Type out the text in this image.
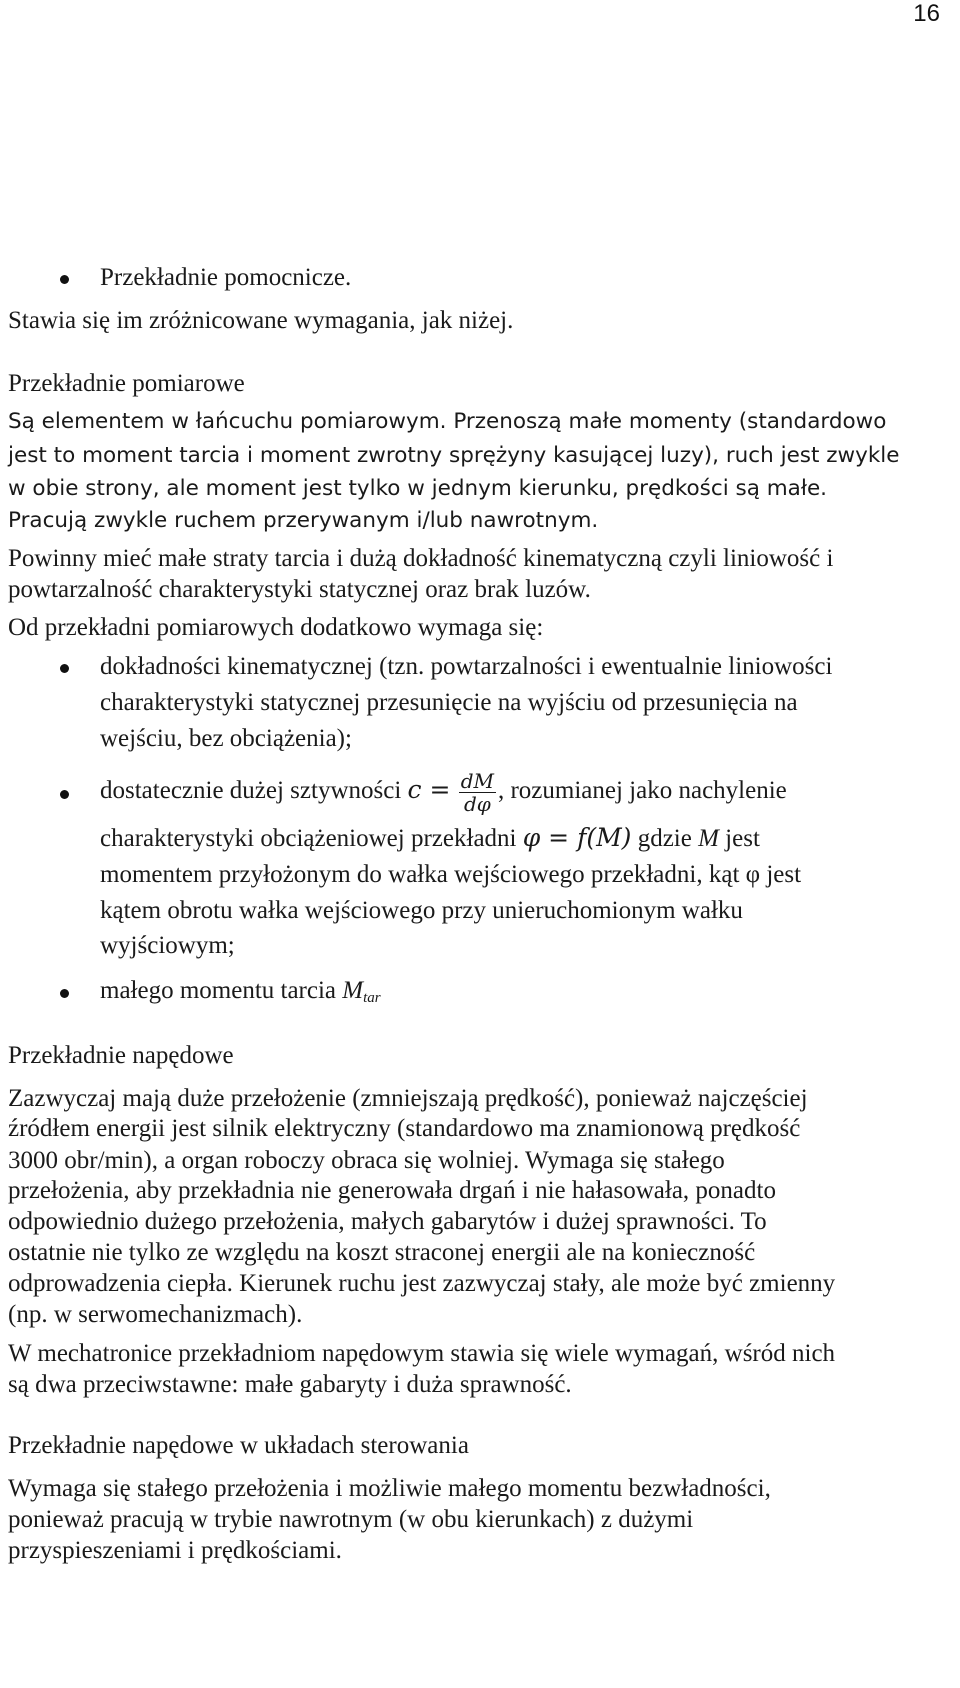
16
Przekładnie pomocnicze.
Stawia się im zróżnicowane wymagania, jak niżej.
Przekładnie pomiarowe
Są elementem w łańcuchu pomiarowym. Przenoszą małe momenty (standardowo
jest to moment tarcia i moment zwrotny sprężyny kasującej luzy), ruch jest zwykle
w obie strony, ale moment jest tylko w jednym kierunku, prędkości są małe.
Pracują zwykle ruchem przerywanym i/lub nawrotnym.
Powinny mieć małe straty tarcia i dużą dokładność kinematyczną czyli liniowość i
powtarzalność charakterystyki statycznej oraz brak luzów.
Od przekładni pomiarowych dodatkowo wymaga się:
dokładności kinematycznej (tzn. powtarzalności i ewentualnie liniowości
charakterystyki statycznej przesunięcie na wyjściu od przesunięcia na
wejściu, bez obciążenia);
dostatecznie dużej sztywności $c = \frac{dM}{d\varphi}$ , rozumianej jako nachylenie
charakterystyki obciążeniowej przekładni φ = f(M) gdzie M jest
momentem przyłożonym do wałka wejściowego przekładni, kąt φ jest
kątem obrotu wałka wejściowego przy unieruchomionym wałku
wyjściowym;
małego momentu tarcia $M_{tar}$
Przekładnie napędowe
Zazwyczaj mają duże przełożenie (zmniejszają prędkość), ponieważ najczęściej
źródłem energii jest silnik elektryczny (standardowo ma znamionową prędkość
3000 obr/min), a organ roboczy obraca się wolniej. Wymaga się stałego
przełożenia, aby przekładnia nie generowała drgań i nie hałasowała, ponadto
odpowiednio dużego przełożenia, małych gabarytów i dużej sprawności. To
ostatnie nie tylko ze względu na koszt straconej energii ale na konieczność
odprowadzenia ciepła. Kierunek ruchu jest zazwyczaj stały, ale może być zmienny
(np. w serwomechanizmach).
W mechatronice przekładniom napędowym stawia się wiele wymagań, wśród nich
są dwa przeciwstawne: małe gabaryty i duża sprawność.
Przekładnie napędowe w układach sterowania
Wymaga się stałego przełożenia i możliwie małego momentu bezwładności,
ponieważ pracują w trybie nawrotnym (w obu kierunkach) z dużymi
przyspieszeniami i prędkościami.
